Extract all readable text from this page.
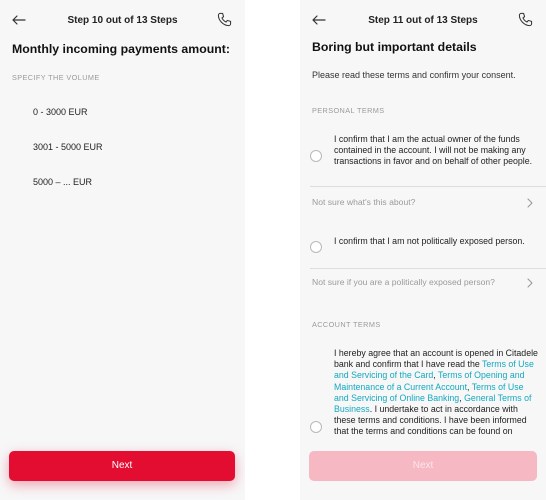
Step 10 out of 13 Steps
Monthly incoming payments amount:
SPECIFY THE VOLUME
0 - 3000 EUR
3001 - 5000 EUR
5000 – ... EUR
Next
Step 11 out of 13 Steps
Boring but important details
Please read these terms and confirm your consent.
PERSONAL TERMS
I confirm that I am the actual owner of the funds contained in the account. I will not be making any transactions in favor and on behalf of other people.
Not sure what's this about?
I confirm that I am not politically exposed person.
Not sure if you are a politically exposed person?
ACCOUNT TERMS
I hereby agree that an account is opened in Citadele bank and confirm that I have read the Terms of Use and Servicing of the Card, Terms of Opening and Maintenance of a Current Account, Terms of Use and Servicing of Online Banking, General Terms of Business. I undertake to act in accordance with these terms and conditions. I have been informed that the terms and conditions can be found on
Next
